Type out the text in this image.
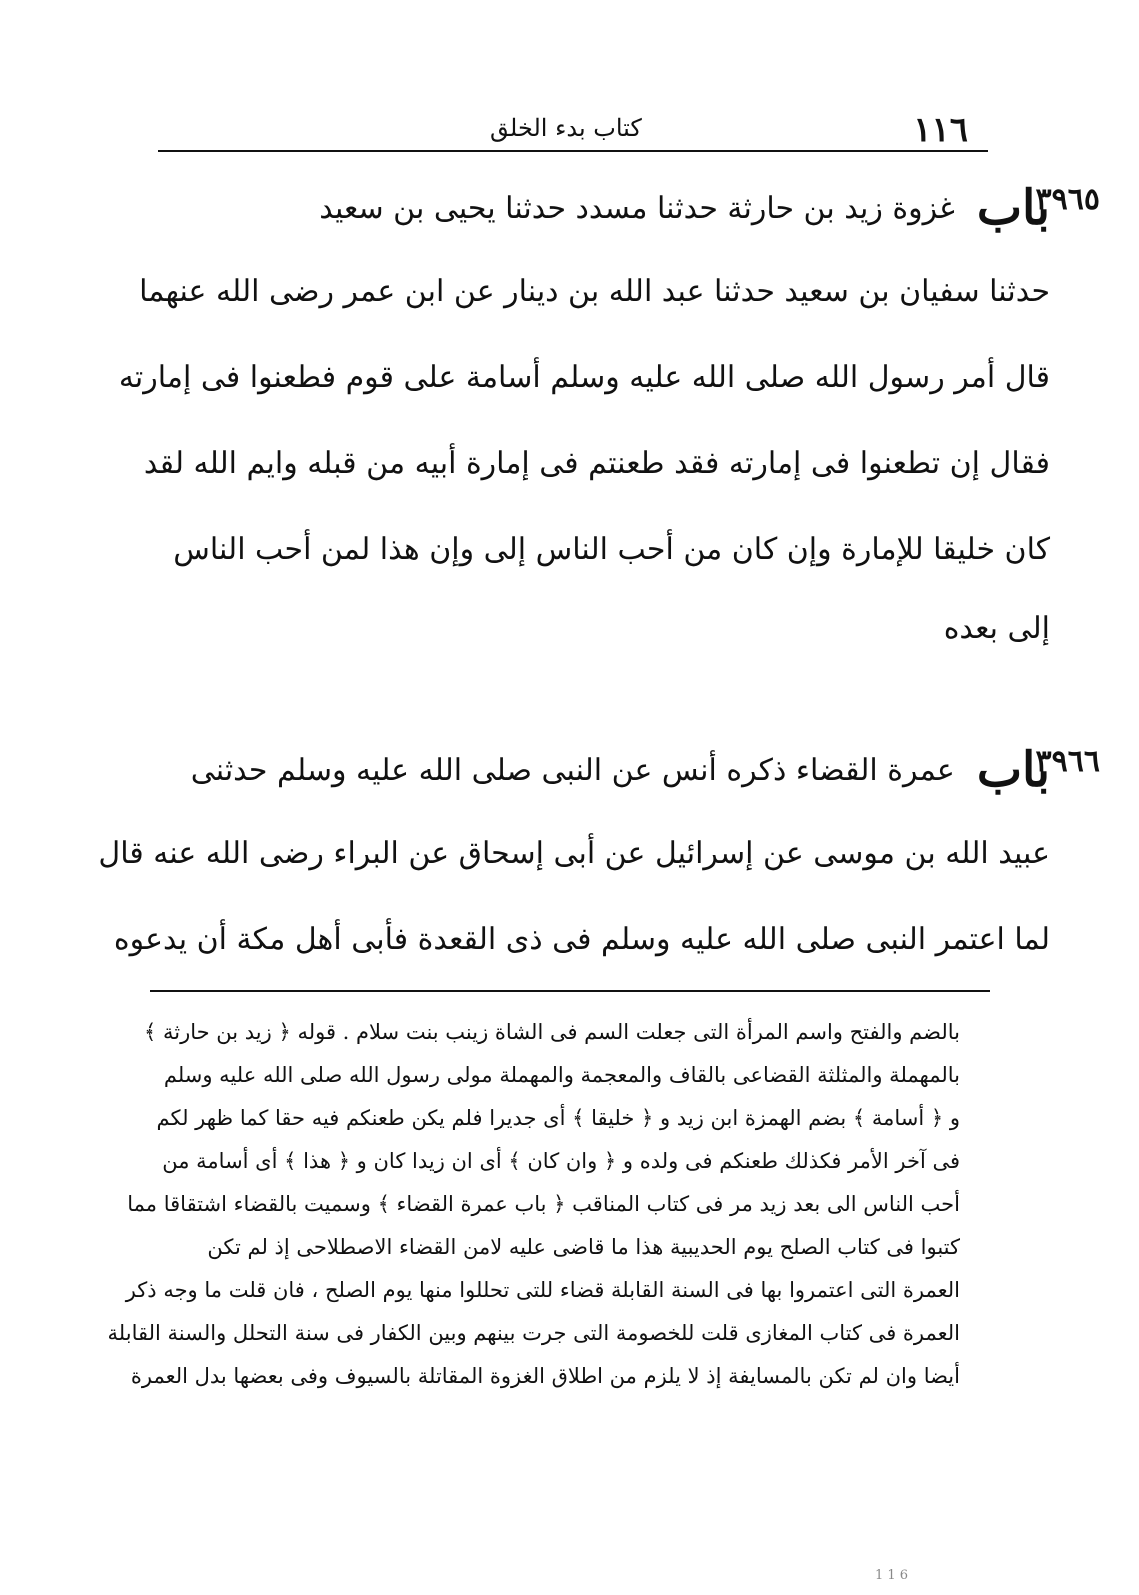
كتاب بدء الخلق	١١٦
٣٩٦٥
باب
غزوة زيد بن حارثة حدثنا مسدد حدثنا يحيى بن سعيد
حدثنا سفيان بن سعيد حدثنا عبد الله بن دينار عن ابن عمر رضى الله عنهما
قال أمر رسول الله صلى الله عليه وسلم أسامة على قوم فطعنوا فى إمارته
فقال إن تطعنوا فى إمارته فقد طعنتم فى إمارة أبيه من قبله وايم الله لقد
كان خليقا للإمارة وإن كان من أحب الناس إلى وإن هذا لمن أحب الناس
إلى بعده
٣٩٦٦
باب
عمرة القضاء ذكره أنس عن النبى صلى الله عليه وسلم حدثنى
عبيد الله بن موسى عن إسرائيل عن أبى إسحاق عن البراء رضى الله عنه قال
لما اعتمر النبى صلى الله عليه وسلم فى ذى القعدة فأبى أهل مكة أن يدعوه
بالضم والفتح واسم المرأة التى جعلت السم فى الشاة زينب بنت سلام . قوله ﴿ زيد بن حارثة ﴾
بالمهملة والمثلثة القضاعى بالقاف والمعجمة والمهملة مولى رسول الله صلى الله عليه وسلم
و ﴿ أسامة ﴾ بضم الهمزة ابن زيد و ﴿ خليقا ﴾ أى جديرا فلم يكن طعنكم فيه حقا كما ظهر لكم
فى آخر الأمر فكذلك طعنكم فى ولده و ﴿ وان كان ﴾ أى ان زيدا كان و ﴿ هذا ﴾ أى أسامة من
أحب الناس الى بعد زيد مر فى كتاب المناقب ﴿ باب عمرة القضاء ﴾ وسميت بالقضاء اشتقاقا مما
كتبوا فى كتاب الصلح يوم الحديبية هذا ما قاضى عليه لامن القضاء الاصطلاحى إذ لم تكن
العمرة التى اعتمروا بها فى السنة القابلة قضاء للتى تحللوا منها يوم الصلح ، فان قلت ما وجه ذكر
العمرة فى كتاب المغازى قلت للخصومة التى جرت بينهم وبين الكفار فى سنة التحلل والسنة القابلة
أيضا وان لم تكن بالمسايفة إذ لا يلزم من اطلاق الغزوة المقاتلة بالسيوف وفى بعضها بدل العمرة
1 1 6
